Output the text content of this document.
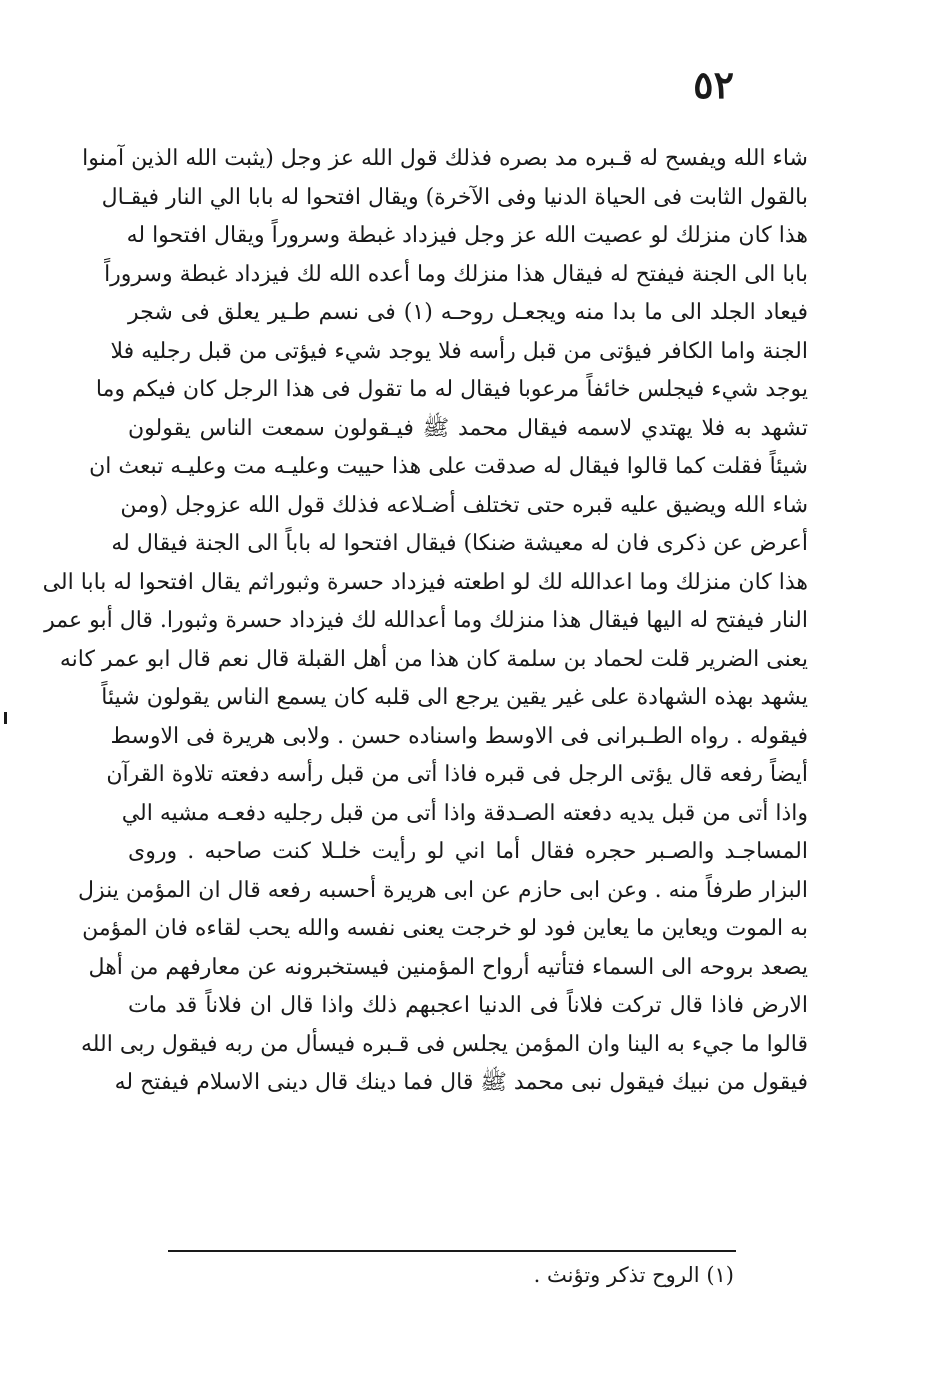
٥٢
شاء الله ويفسح له قـبره مد بصره فذلك قول الله عز وجل (يثبت الله الذين آمنوا
بالقول الثابت فى الحياة الدنيا وفى الآخرة) ويقال افتحوا له بابا الي النار فيقـال
هذا كان منزلك لو عصيت الله عز وجل فيزداد غبطة وسروراً ويقال افتحوا له
بابا الى الجنة فيفتح له فيقال هذا منزلك وما أعده الله لك فيزداد غبطة وسروراً
فيعاد الجلد الى ما بدا منه ويجعـل روحـه (١) فى نسم طـير يعلق فى شجر
الجنة واما الكافر فيؤتى من قبل رأسه فلا يوجد شيء فيؤتى من قبل رجليه فلا
يوجد شيء فيجلس خائفاً مرعوبا فيقال له ما تقول فى هذا الرجل كان فيكم وما
تشهد به فلا يهتدي لاسمه فيقال محمد ﷺ فيـقولون سمعت الناس يقولون
شيئاً فقلت كما قالوا فيقال له صدقت على هذا حييت وعليـه مت وعليـه تبعث ان
شاء الله ويضيق عليه قبره حتى تختلف أضـلاعه فذلك قول الله عزوجل (ومن
أعرض عن ذكرى فان له معيشة ضنكا) فيقال افتحوا له باباً الى الجنة فيقال له
هذا كان منزلك وما اعدالله لك لو اطعته فيزداد حسرة وثبوراثم يقال افتحوا له بابا الى
النار فيفتح له اليها فيقال هذا منزلك وما أعدالله لك فيزداد حسرة وثبورا. قال أبو عمر
يعنى الضرير قلت لحماد بن سلمة كان هذا من أهل القبلة قال نعم قال ابو عمر كانه
يشهد بهذه الشهادة على غير يقين يرجع الى قلبه كان يسمع الناس يقولون شيئاً
فيقوله . رواه الطـبرانى فى الاوسط واسناده حسن . ولابى هريرة فى الاوسط
أيضاً رفعه قال يؤتى الرجل فى قبره فاذا أتى من قبل رأسه دفعته تلاوة القرآن
واذا أتى من قبل يديه دفعته الصـدقة واذا أتى من قبل رجليه دفعـه مشيه الي
المساجـد والصـبر حجره فقال أما اني لو رأيت خلـلا كنت صاحبه . وروى
البزار طرفاً منه . وعن ابى حازم عن ابى هريرة أحسبه رفعه قال ان المؤمن ينزل
به الموت ويعاين ما يعاين فود لو خرجت يعنى نفسه والله يحب لقاءه فان المؤمن
يصعد بروحه الى السماء فتأتيه أرواح المؤمنين فيستخبرونه عن معارفهم من أهل
الارض فاذا قال تركت فلاناً فى الدنيا اعجبهم ذلك واذا قال ان فلاناً قد مات
قالوا ما جيء به الينا وان المؤمن يجلس فى قـبره فيسأل من ربه فيقول ربى الله
فيقول من نبيك فيقول نبى محمد ﷺ قال فما دينك قال دينى الاسلام فيفتح له
(١) الروح تذكر وتؤنث .
